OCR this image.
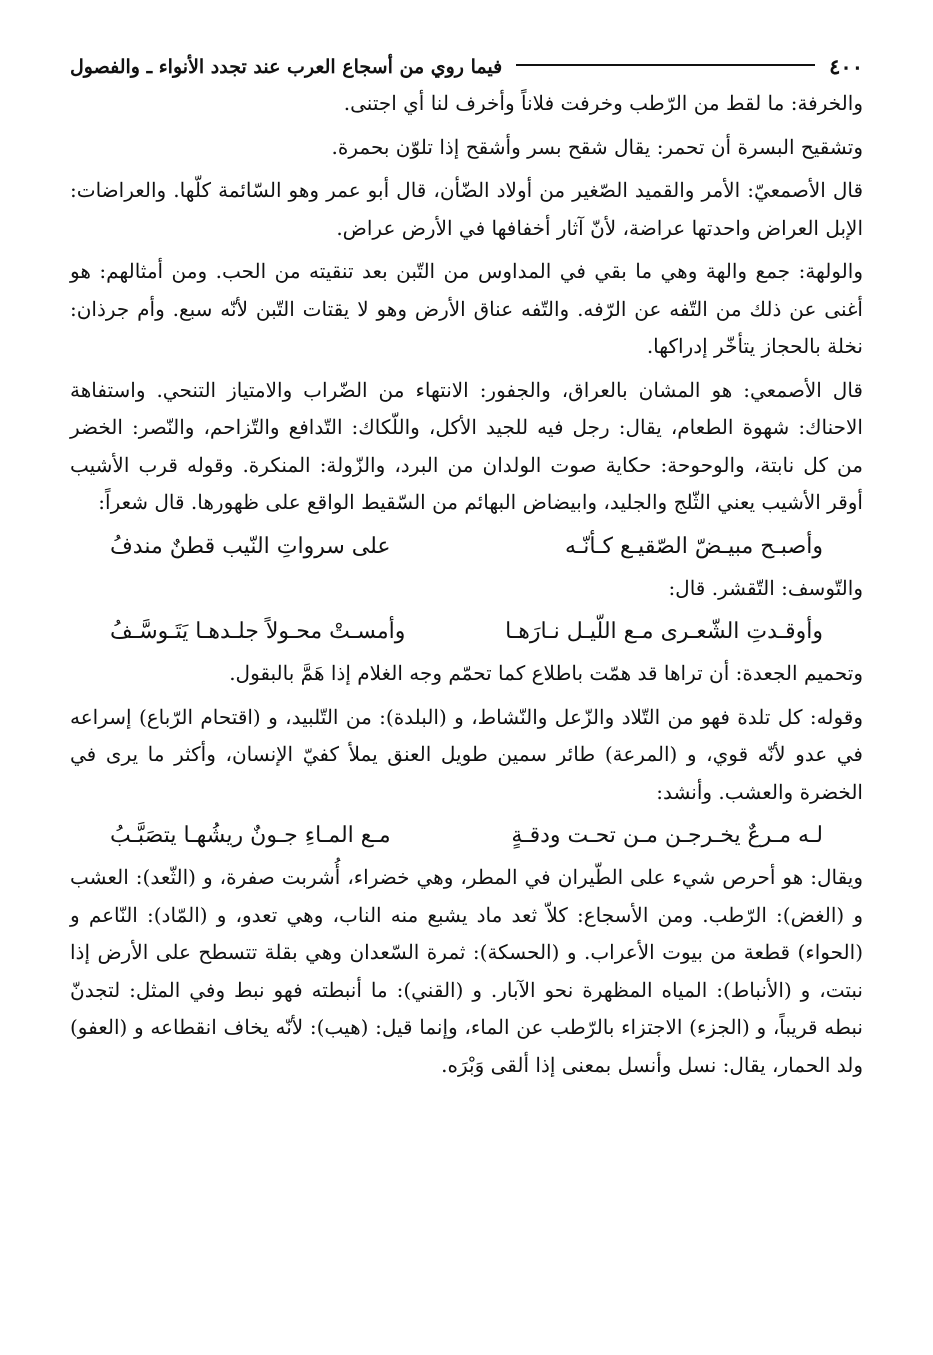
٤٠٠
فيما روي من أسجاع العرب عند تجدد الأنواء ـ والفصول

والخرفة: ما لقط من الرّطب وخرفت فلاناً وأخرف لنا أي اجتنى.

وتشقيح البسرة أن تحمر: يقال شقح بسر وأشقح إذا تلوّن بحمرة.

قال الأصمعيّ: الأمر والقميد الصّغير من أولاد الضّأن، قال أبو عمر وهو السّائمة كلّها. والعراضات: الإبل العراض واحدتها عراضة، لأنّ آثار أخفافها في الأرض عراض.

والولهة: جمع والهة وهي ما بقي في المداوس من التّبن بعد تنقيته من الحب. ومن أمثالهم: هو أغنى عن ذلك من التّفه عن الرّفه. والتّفه عناق الأرض وهو لا يقتات التّبن لأنّه سبع. وأم جرذان: نخلة بالحجاز يتأخّر إدراكها.

قال الأصمعي: هو المشان بالعراق، والجفور: الانتهاء من الضّراب والامتياز التنحي. واستفاهة الاحناك: شهوة الطعام، يقال: رجل فيه للجيد الأكل، واللّكاك: التّدافع والتّزاحم، والنّصر: الخضر من كل نابتة، والوحوحة: حكاية صوت الولدان من البرد، والزّولة: المنكرة. وقوله قرب الأشيب أوقر الأشيب يعني الثّلج والجليد، وابيضاض البهائم من السّقيط الواقع على ظهورها. قال شعراً:

وأصبـح مبيـضّ الصّقيـع كـأنّـه
على سرواتِ النّيب قطنٌ مندفُ

والتّوسف: التّقشر. قال:

وأوقـدتِ الشّعـرى مـع اللّيـل نـارَهـا
وأمسـتْ محـولاً جلـدهـا يَتَـوسَّـفُ

وتحميم الجعدة: أن تراها قد همّت باطلاع كما تحمّم وجه الغلام إذا هَمَّ بالبقول.

وقوله: كل تلدة فهو من التّلاد والزّعل والنّشاط، و (البلدة): من التّلبيد، و (اقتحام الرّباع) إسراعه في عدو لأنّه قوي، و (المرعة) طائر سمين طويل العنق يملأ كفيّ الإنسان، وأكثر ما يرى في الخضرة والعشب. وأنشد:

لـه مـرعٌ يخـرجـن مـن تحـت ودقـةٍ
مـع المـاءِ جـونٌ ريشُهـا يتصَبَّـبُ

ويقال: هو أحرص شيء على الطّيران في المطر، وهي خضراء، أُشربت صفرة، و (الثّعد): العشب و (الغض): الرّطب. ومن الأسجاع: كلاّ ثعد ماد يشبع منه الناب، وهي تعدو، و (المّاد): النّاعم و (الحواء) قطعة من بيوت الأعراب. و (الحسكة): ثمرة السّعدان وهي بقلة تتسطح على الأرض إذا نبتت، و (الأنباط): المياه المظهرة نحو الآبار. و (القني): ما أنبطته فهو نبط وفي المثل: لتجدنّ نبطه قريباً، و (الجزء) الاجتزاء بالرّطب عن الماء، وإنما قيل: (هيب): لأنّه يخاف انقطاعه و (العفو) ولد الحمار، يقال: نسل وأنسل بمعنى إذا ألقى وَبْرَه.
